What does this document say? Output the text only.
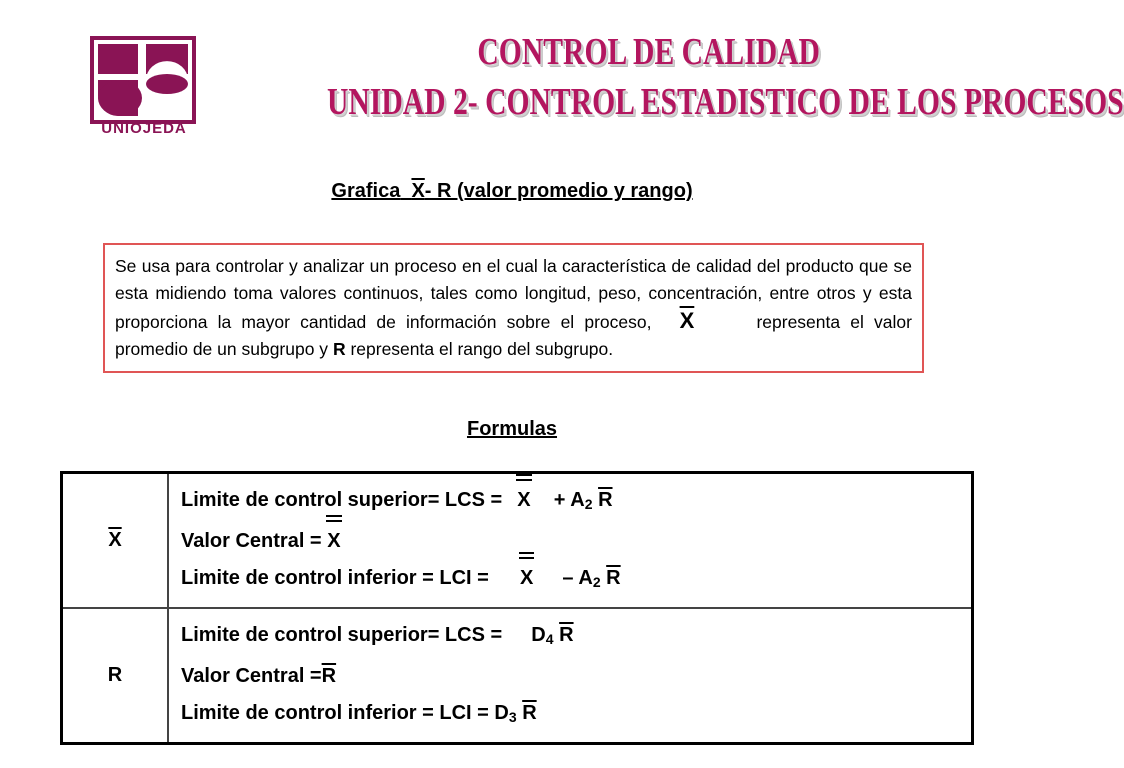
UNIOJEDA
CONTROL DE CALIDAD
UNIDAD 2- CONTROL ESTADISTICO DE LOS PROCESOS
Grafica X- R (valor promedio y rango)
Se usa para controlar y analizar un proceso en el cual la característica de calidad del producto que se esta midiendo toma valores continuos, tales como longitud, peso, concentración, entre otros y esta proporciona la mayor cantidad de información sobre el proceso, $\overline{X}$	representa el valor promedio de un subgrupo y R representa el rango del subgrupo.
Formulas
$\overline{X}$	Limite de control superior= LCS = $X + A_2$ $\overline{R}$
Valor Central = X
Limite de control inferior = LCI = X – $A_2$ $\overline{R}$

R	Limite de control superior= LCS = $D_4$ $\overline{R}$
Valor Central $=\overline{R}$
Limite de control inferior = LCI = $D_3$ $\overline{R}$
